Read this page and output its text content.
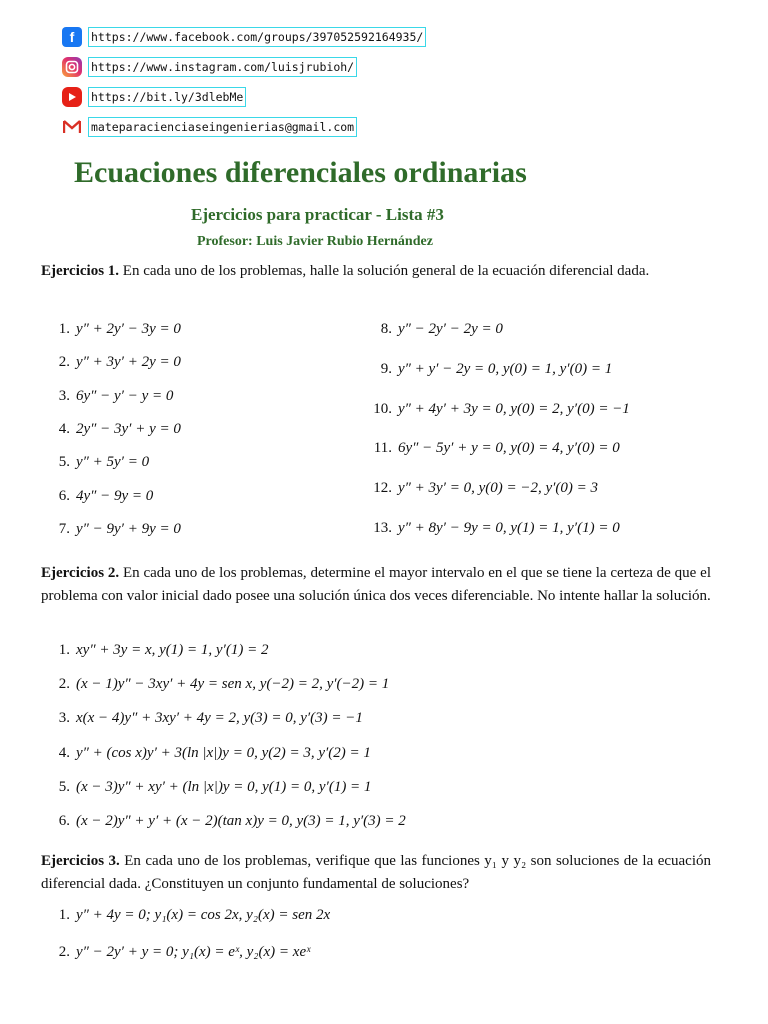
f	https://www.facebook.com/groups/397052592164935/
https://www.instagram.com/luisjrubioh/
https://bit.ly/3dlebMe
mateparacienciaseingenierias@gmail.com
Ecuaciones diferenciales ordinarias
Ejercicios para practicar - Lista #3
Profesor: Luis Javier Rubio Hernández
Ejercicios 1. En cada uno de los problemas, halle la solución general de la ecuación diferencial dada.
1. y″ + 2y′ − 3y = 0
2. y″ + 3y′ + 2y = 0
3. 6y″ − y′ − y = 0
4. 2y″ − 3y′ + y = 0
5. y″ + 5y′ = 0
6. 4y″ − 9y = 0
7. y″ − 9y′ + 9y = 0
8. y″ − 2y′ − 2y = 0
9. y″ + y′ − 2y = 0, y(0) = 1, y′(0) = 1
10. y″ + 4y′ + 3y = 0, y(0) = 2, y′(0) = −1
11. 6y″ − 5y′ + y = 0, y(0) = 4, y′(0) = 0
12. y″ + 3y′ = 0, y(0) = −2, y′(0) = 3
13. y″ + 8y′ − 9y = 0, y(1) = 1, y′(1) = 0
Ejercicios 2. En cada uno de los problemas, determine el mayor intervalo en el que se tiene la certeza de que el problema con valor inicial dado posee una solución única dos veces diferenciable. No intente hallar la solución.
1. xy″ + 3y = x, y(1) = 1, y′(1) = 2
2. (x − 1)y″ − 3xy′ + 4y = sen x, y(−2) = 2, y′(−2) = 1
3. x(x − 4)y″ + 3xy′ + 4y = 2, y(3) = 0, y′(3) = −1
4. y″ + (cos x)y′ + 3(ln |x|)y = 0, y(2) = 3, y′(2) = 1
5. (x − 3)y″ + xy′ + (ln |x|)y = 0, y(1) = 0, y′(1) = 1
6. (x − 2)y″ + y′ + (x − 2)(tan x)y = 0, y(3) = 1, y′(3) = 2
Ejercicios 3. En cada uno de los problemas, verifique que las funciones y₁ y y₂ son soluciones de la ecuación diferencial dada. ¿Constituyen un conjunto fundamental de soluciones?
1. y″ + 4y = 0; y₁(x) = cos 2x, y₂(x) = sen 2x
2. y″ − 2y′ + y = 0; y₁(x) = eˣ, y₂(x) = xeˣ
